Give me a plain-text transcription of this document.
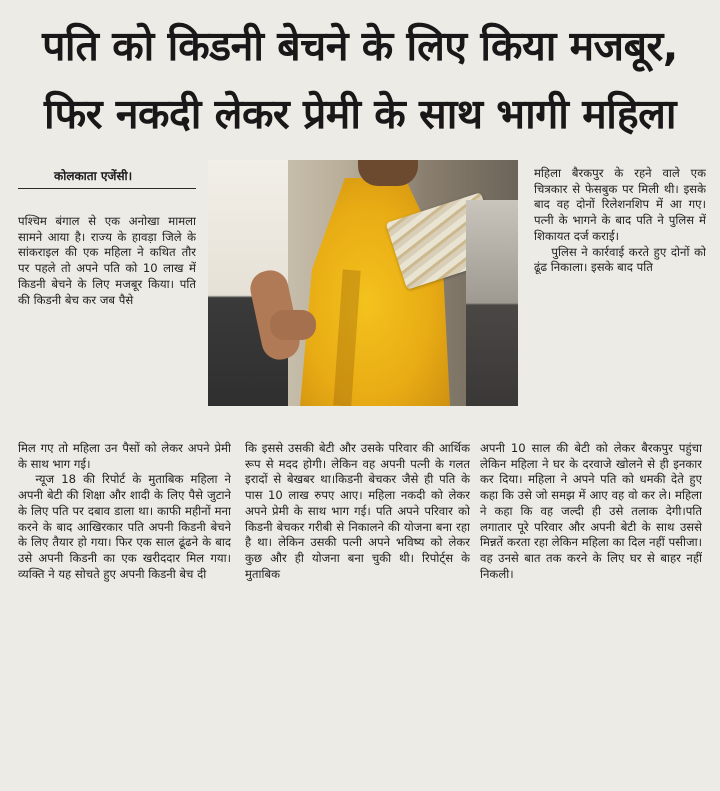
पति को किडनी बेचने के लिए किया मजबूर,
फिर नकदी लेकर प्रेमी के साथ भागी महिला
कोलकाता एजेंसी।

पश्चिम बंगाल से एक अनोखा मामला सामने आया है। राज्य के हावड़ा जिले के सांकराइल की एक महिला ने कथित तौर पर पहले तो अपने पति को 10 लाख में किडनी बेचने के लिए मजबूर किया। पति की किडनी बेच कर जब पैसे

महिला बैरकपुर के रहने वाले एक चित्रकार से फेसबुक पर मिली थी। इसके बाद वह दोनों रिलेशनशिप में आ गए। पत्नी के भागने के बाद पति ने पुलिस में शिकायत दर्ज कराई।

पुलिस ने कार्रवाई करते हुए दोनों को ढूंढ निकाला। इसके बाद पति

मिल गए तो महिला उन पैसों को लेकर अपने प्रेमी के साथ भाग गई।

न्यूज 18 की रिपोर्ट के मुताबिक महिला ने अपनी बेटी की शिक्षा और शादी के लिए पैसे जुटाने के लिए पति पर दबाव डाला था। काफी महीनों मना करने के बाद आखिरकार पति अपनी किडनी बेचने के लिए तैयार हो गया। फिर एक साल ढूंढने के बाद उसे अपनी किडनी का एक खरीददार मिल गया। व्यक्ति ने यह सोचते हुए अपनी किडनी बेच दी

कि इससे उसकी बेटी और उसके परिवार की आर्थिक रूप से मदद होगी। लेकिन वह अपनी पत्नी के गलत इरादों से बेखबर था।किडनी बेचकर जैसे ही पति के पास 10 लाख रुपए आए। महिला नकदी को लेकर अपने प्रेमी के साथ भाग गई। पति अपने परिवार को किडनी बेचकर गरीबी से निकालने की योजना बना रहा है था। लेकिन उसकी पत्नी अपने भविष्य को लेकर कुछ और ही योजना बना चुकी थी। रिपोर्ट्स के मुताबिक

अपनी 10 साल की बेटी को लेकर बैरकपुर पहुंचा लेकिन महिला ने घर के दरवाजे खोलने से ही इनकार कर दिया। महिला ने अपने पति को धमकी देते हुए कहा कि उसे जो समझ में आए वह वो कर ले। महिला ने कहा कि वह जल्दी ही उसे तलाक देगी।पति लगातार पूरे परिवार और अपनी बेटी के साथ उससे मिन्नतें करता रहा लेकिन महिला का दिल नहीं पसीजा। वह उनसे बात तक करने के लिए घर से बाहर नहीं निकली।
